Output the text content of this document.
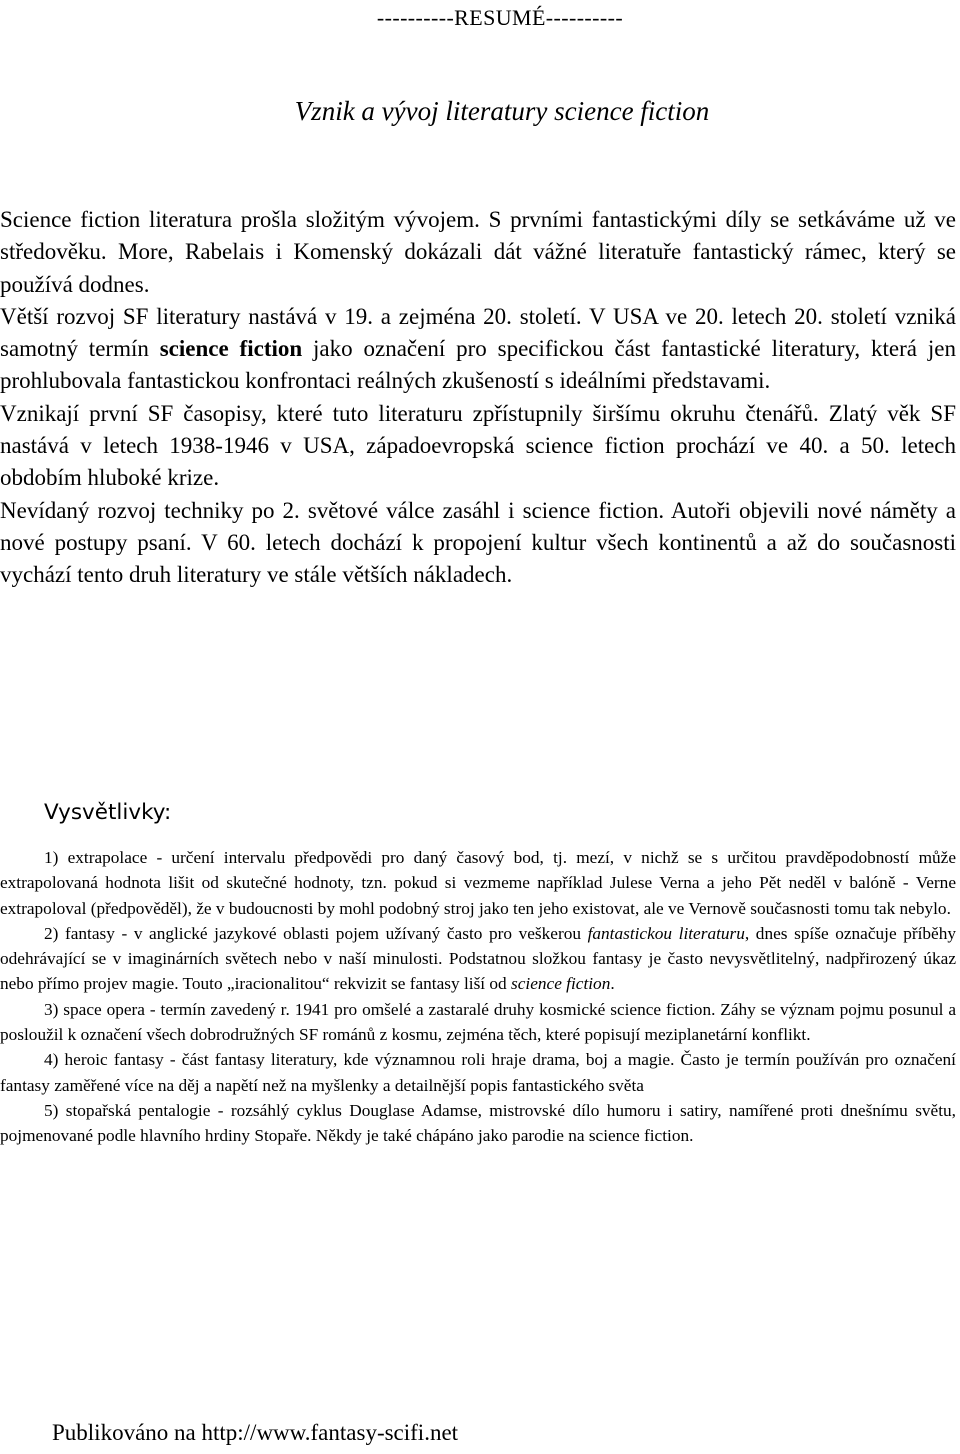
----------RESUMÉ----------
Vznik a vývoj literatury science fiction

Science fiction literatura prošla složitým vývojem. S prvními fantastickými díly se setkáváme už ve středověku. More, Rabelais i Komenský dokázali dát vážné literatuře fantastický rámec, který se používá dodnes.

Větší rozvoj SF literatury nastává v 19. a zejména 20. století. V USA ve 20. letech 20. století vzniká samotný termín science fiction jako označení pro specifickou část fantastické literatury, která jen prohlubovala fantastickou konfrontaci reálných zkušeností s ideálními představami.

Vznikají první SF časopisy, které tuto literaturu zpřístupnily širšímu okruhu čtenářů. Zlatý věk SF nastává v letech 1938-1946 v USA, západoevropská science fiction prochází ve 40. a 50. letech obdobím hluboké krize.

Nevídaný rozvoj techniky po 2. světové válce zasáhl i science fiction. Autoři objevili nové náměty a nové postupy psaní. V 60. letech dochází k propojení kultur všech kontinentů a až do současnosti vychází tento druh literatury ve stále větších nákladech.

Vysvětlivky:

1) extrapolace - určení intervalu předpovědi pro daný časový bod, tj. mezí, v nichž se s určitou pravděpodobností může extrapolovaná hodnota lišit od skutečné hodnoty, tzn. pokud si vezmeme například Julese Verna a jeho Pět neděl v balóně - Verne extrapoloval (předpověděl), že v budoucnosti by mohl podobný stroj jako ten jeho existovat, ale ve Vernově současnosti tomu tak nebylo.

2) fantasy - v anglické jazykové oblasti pojem užívaný často pro veškerou fantastickou literaturu, dnes spíše označuje příběhy odehrávající se v imaginárních světech nebo v naší minulosti. Podstatnou složkou fantasy je často nevysvětlitelný, nadpřirozený úkaz nebo přímo projev magie. Touto „iracionalitou“ rekvizit se fantasy liší od science fiction.

3) space opera - termín zavedený r. 1941 pro omšelé a zastaralé druhy kosmické science fiction. Záhy se význam pojmu posunul a posloužil k označení všech dobrodružných SF románů z kosmu, zejména těch, které popisují meziplanetární konflikt.

4) heroic fantasy - část fantasy literatury, kde významnou roli hraje drama, boj a magie. Často je termín používán pro označení fantasy zaměřené více na děj a napětí než na myšlenky a detailnější popis fantastického světa

5) stopařská pentalogie - rozsáhlý cyklus Douglase Adamse, mistrovské dílo humoru i satiry, namířené proti dnešnímu světu, pojmenované podle hlavního hrdiny Stopaře. Někdy je také chápáno jako parodie na science fiction.

Publikováno na http://www.fantasy-scifi.net
